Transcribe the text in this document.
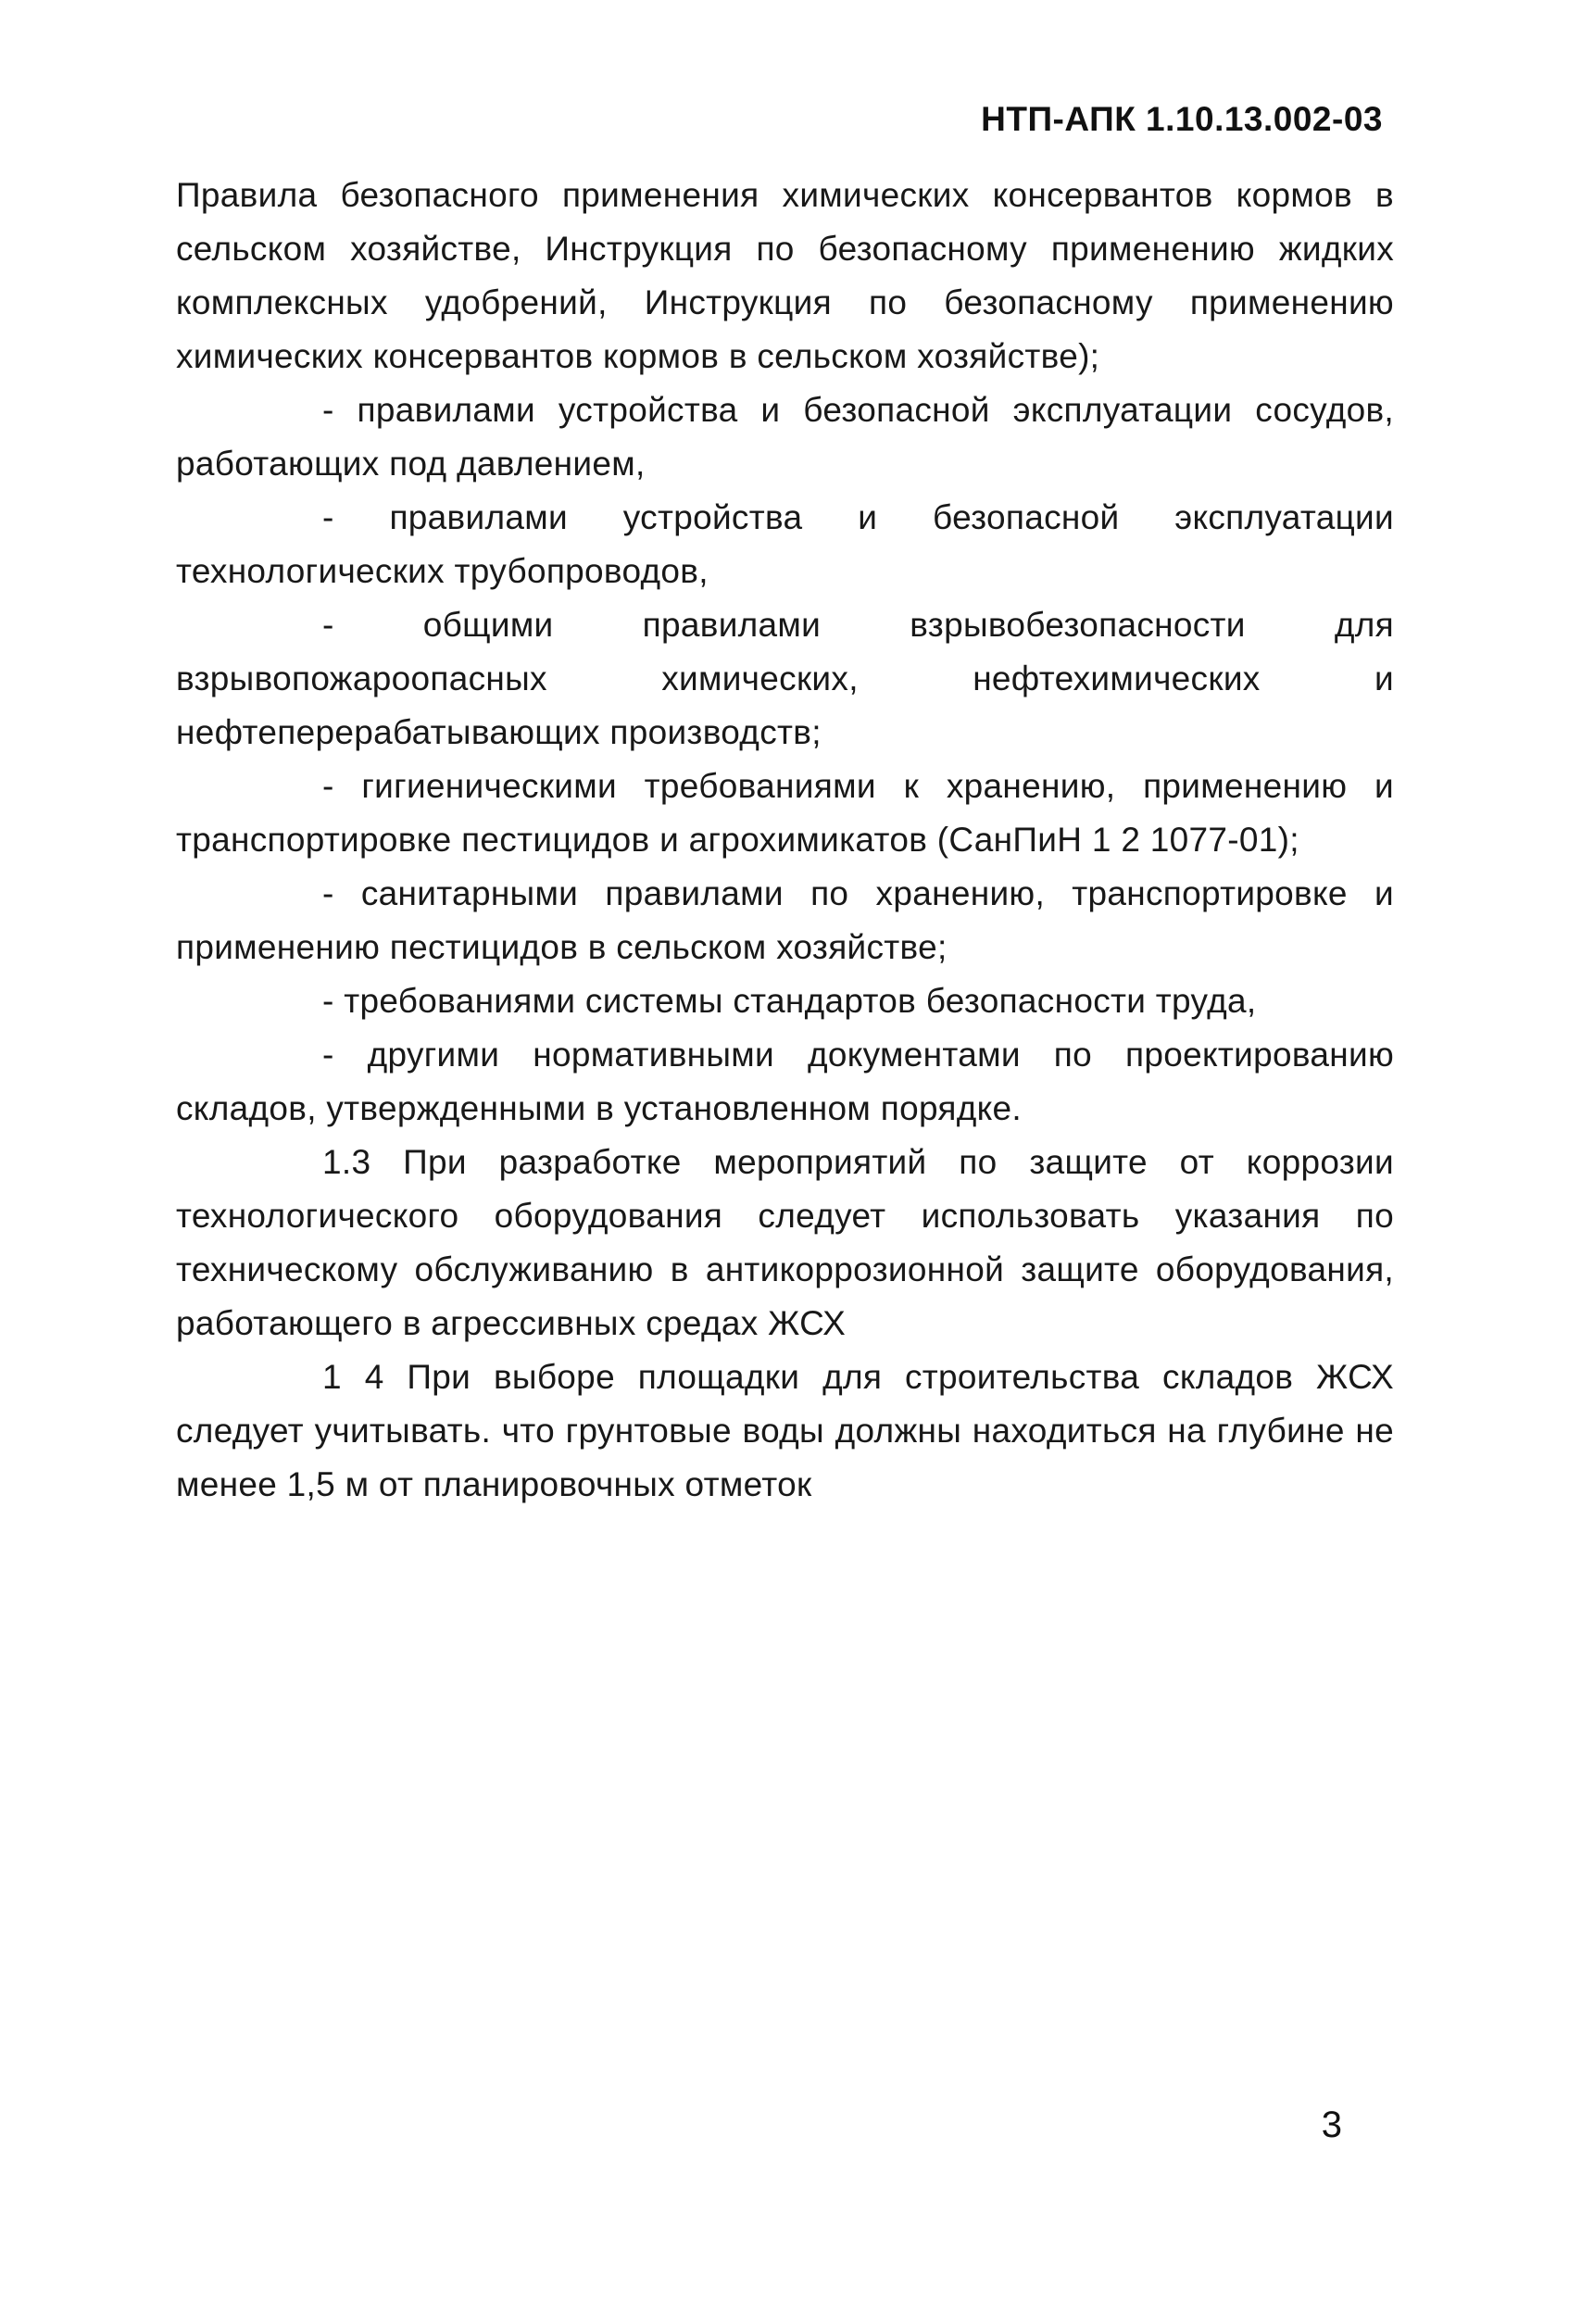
НТП-АПК 1.10.13.002-03

Правила безопасного применения химических консервантов кормов в сельском хозяйстве, Инструкция по безопасному применению жидких комплексных удобрений, Инструкция по безопасному применению химических консервантов кормов в сельском хозяйстве);

- правилами устройства и безопасной эксплуатации сосудов, работающих под давлением,

- правилами устройства и безопасной эксплуатации технологических трубопроводов,

- общими правилами взрывобезопасности для взрывопожароопасных химических, нефтехимических и нефтеперерабатывающих производств;

- гигиеническими требованиями к хранению, применению и транспортировке пестицидов и агрохимикатов (СанПиН 1 2 1077-01);

- санитарными правилами по хранению, транспортировке и применению пестицидов в сельском хозяйстве;

- требованиями системы стандартов безопасности труда,

- другими нормативными документами по проектированию складов, утвержденными в установленном порядке.

1.3 При разработке мероприятий по защите от коррозии технологического оборудования следует использовать указания по техническому обслуживанию в антикоррозионной защите оборудования, работающего в агрессивных средах ЖСХ

1 4 При выборе площадки для строительства складов ЖСХ следует учитывать. что грунтовые воды должны находиться на глубине не менее 1,5 м от планировочных отметок

3
